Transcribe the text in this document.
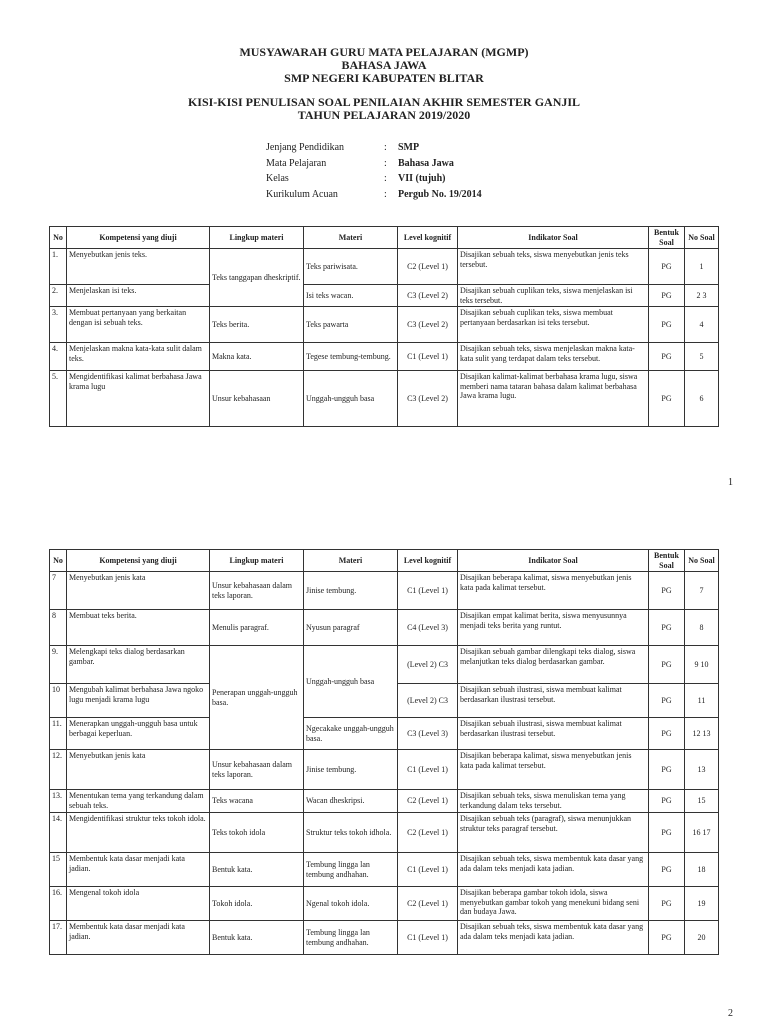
MUSYAWARAH GURU MATA PELAJARAN (MGMP)
BAHASA JAWA
SMP NEGERI KABUPATEN BLITAR
KISI-KISI PENULISAN SOAL PENILAIAN AKHIR SEMESTER GANJIL
TAHUN PELAJARAN 2019/2020
Jenjang Pendidikan	:	SMP
Mata Pelajaran	:	Bahasa Jawa
Kelas	:	VII (tujuh)
Kurikulum Acuan	:	Pergub No. 19/2014
No	Kompetensi yang diuji	Lingkup materi	Materi	Level kognitif	Indikator Soal	Bentuk Soal	No Soal
1.	Menyebutkan jenis teks.	Teks tanggapan dheskriptif.	Teks pariwisata.	C2 (Level 1)	Disajikan sebuah teks, siswa menyebutkan jenis teks tersebut.	PG	1
2.	Menjelaskan isi teks.		Isi teks wacan.	C3 (Level 2)	Disajikan sebuah cuplikan teks, siswa menjelaskan isi teks tersebut.	PG	2 3
3.	Membuat pertanyaan yang berkaitan dengan isi sebuah teks.	Teks berita.	Teks pawarta	C3 (Level 2)	Disajikan sebuah cuplikan teks, siswa membuat pertanyaan berdasarkan isi teks tersebut.	PG	4
4.	Menjelaskan makna kata-kata sulit dalam teks.	Makna kata.	Tegese tembung-tembung.	C1 (Level 1)	Disajikan sebuah teks, siswa menjelaskan makna kata-kata sulit yang terdapat dalam teks tersebut.	PG	5
5.	Mengidentifikasi kalimat berbahasa Jawa krama lugu	Unsur kebahasaan	Unggah-ungguh basa	C3 (Level 2)	Disajikan kalimat-kalimat berbahasa krama lugu, siswa memberi nama tataran bahasa dalam kalimat berbahasa Jawa krama lugu.	PG	6
No	Kompetensi yang diuji	Lingkup materi	Materi	Level kognitif	Indikator Soal	Bentuk Soal	No Soal
7	Menyebutkan jenis kata	Unsur kebahasaan dalam teks laporan.	Jinise tembung.	C1 (Level 1)	Disajikan beberapa kalimat, siswa menyebutkan jenis kata pada kalimat tersebut.	PG	7
8	Membuat teks berita.	Menulis paragraf.	Nyusun paragraf	C4 (Level 3)	Disajikan empat kalimat berita, siswa menyusunnya menjadi teks berita yang runtut.	PG	8
9.	Melengkapi teks dialog berdasarkan gambar.	Penerapan unggah-ungguh basa.	Unggah-ungguh basa	(Level 2) C3	Disajikan sebuah gambar dilengkapi teks dialog, siswa melanjutkan teks dialog berdasarkan gambar.	PG	9 10
10	Mengubah kalimat berbahasa Jawa ngoko lugu menjadi krama lugu			(Level 2) C3	Disajikan sebuah ilustrasi, siswa membuat kalimat berdasarkan ilustrasi tersebut.	PG	11
11.	Menerapkan unggah-ungguh basa untuk berbagai keperluan.		Ngecakake unggah-ungguh basa.	C3 (Level 3)	Disajikan sebuah ilustrasi, siswa membuat kalimat berdasarkan ilustrasi tersebut.	PG	12 13
12.	Menyebutkan jenis kata	Unsur kebahasaan dalam teks laporan.	Jinise tembung.	C1 (Level 1)	Disajikan beberapa kalimat, siswa menyebutkan jenis kata pada kalimat tersebut.	PG	13
13.	Menentukan tema yang terkandung dalam sebuah teks.	Teks wacana	Wacan dheskripsi.	C2 (Level 1)	Disajikan sebuah teks, siswa menuliskan tema yang terkandung dalam teks tersebut.	PG	15
14.	Mengidentifikasi struktur teks tokoh idola.	Teks tokoh idola	Struktur teks tokoh idhola.	C2 (Level 1)	Disajikan sebuah teks (paragraf), siswa menunjukkan struktur teks paragraf tersebut.	PG	16 17
15	Membentuk kata dasar menjadi kata jadian.	Bentuk kata.	Tembung lingga lan tembung andhahan.	C1 (Level 1)	Disajikan sebuah teks, siswa membentuk kata dasar yang ada dalam teks menjadi kata jadian.	PG	18
16.	Mengenal tokoh idola	Tokoh idola.	Ngenal tokoh idola.	C2 (Level 1)	Disajikan beberapa gambar tokoh idola, siswa menyebutkan gambar tokoh yang menekuni bidang seni dan budaya Jawa.	PG	19
17.	Membentuk kata dasar menjadi kata jadian.	Bentuk kata.	Tembung lingga lan tembung andhahan.	C1 (Level 1)	Disajikan sebuah teks, siswa membentuk kata dasar yang ada dalam teks menjadi kata jadian.	PG	20
1
2
